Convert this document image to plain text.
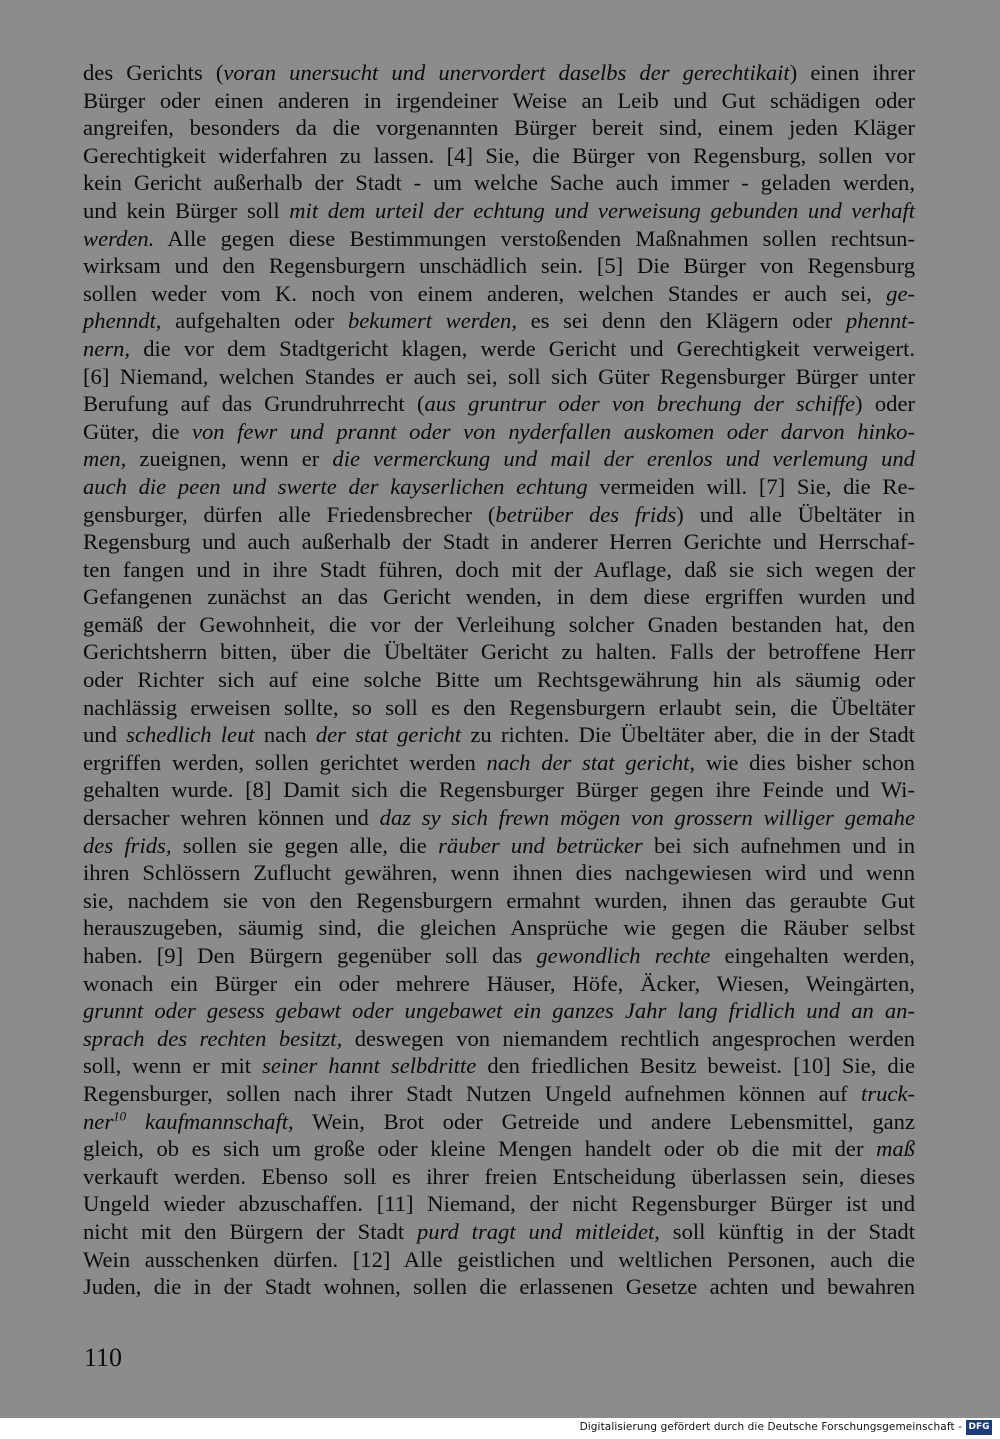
des Gerichts (voran unersucht und unervordert daselbs der gerechtikait) einen ihrer
Bürger oder einen anderen in irgendeiner Weise an Leib und Gut schädigen oder
angreifen, besonders da die vorgenannten Bürger bereit sind, einem jeden Kläger
Gerechtigkeit widerfahren zu lassen. [4] Sie, die Bürger von Regensburg, sollen vor
kein Gericht außerhalb der Stadt - um welche Sache auch immer - geladen werden,
und kein Bürger soll mit dem urteil der echtung und verweisung gebunden und verhaft
werden. Alle gegen diese Bestimmungen verstoßenden Maßnahmen sollen rechtsun-
wirksam und den Regensburgern unschädlich sein. [5] Die Bürger von Regensburg
sollen weder vom K. noch von einem anderen, welchen Standes er auch sei, ge-
phenndt, aufgehalten oder bekumert werden, es sei denn den Klägern oder phennt-
nern, die vor dem Stadtgericht klagen, werde Gericht und Gerechtigkeit verweigert.
[6] Niemand, welchen Standes er auch sei, soll sich Güter Regensburger Bürger unter
Berufung auf das Grundruhrrecht (aus gruntrur oder von brechung der schiffe) oder
Güter, die von fewr und prannt oder von nyderfallen auskomen oder darvon hinko-
men, zueignen, wenn er die vermerckung und mail der erenlos und verlemung und
auch die peen und swerte der kayserlichen echtung vermeiden will. [7] Sie, die Re-
gensburger, dürfen alle Friedensbrecher (betrüber des frids) und alle Übeltäter in
Regensburg und auch außerhalb der Stadt in anderer Herren Gerichte und Herrschaf-
ten fangen und in ihre Stadt führen, doch mit der Auflage, daß sie sich wegen der
Gefangenen zunächst an das Gericht wenden, in dem diese ergriffen wurden und
gemäß der Gewohnheit, die vor der Verleihung solcher Gnaden bestanden hat, den
Gerichtsherrn bitten, über die Übeltäter Gericht zu halten. Falls der betroffene Herr
oder Richter sich auf eine solche Bitte um Rechtsgewährung hin als säumig oder
nachlässig erweisen sollte, so soll es den Regensburgern erlaubt sein, die Übeltäter
und schedlich leut nach der stat gericht zu richten. Die Übeltäter aber, die in der Stadt
ergriffen werden, sollen gerichtet werden nach der stat gericht, wie dies bisher schon
gehalten wurde. [8] Damit sich die Regensburger Bürger gegen ihre Feinde und Wi-
dersacher wehren können und daz sy sich frewn mögen von grossern williger gemahe
des frids, sollen sie gegen alle, die räuber und betrücker bei sich aufnehmen und in
ihren Schlössern Zuflucht gewähren, wenn ihnen dies nachgewiesen wird und wenn
sie, nachdem sie von den Regensburgern ermahnt wurden, ihnen das geraubte Gut
herauszugeben, säumig sind, die gleichen Ansprüche wie gegen die Räuber selbst
haben. [9] Den Bürgern gegenüber soll das gewondlich rechte eingehalten werden,
wonach ein Bürger ein oder mehrere Häuser, Höfe, Äcker, Wiesen, Weingärten,
grunnt oder gesess gebawt oder ungebawet ein ganzes Jahr lang fridlich und an an-
sprach des rechten besitzt, deswegen von niemandem rechtlich angesprochen werden
soll, wenn er mit seiner hannt selbdritte den friedlichen Besitz beweist. [10] Sie, die
Regensburger, sollen nach ihrer Stadt Nutzen Ungeld aufnehmen können auf truck-
ner$^{10}$ kaufmannschaft, Wein, Brot oder Getreide und andere Lebensmittel, ganz
gleich, ob es sich um große oder kleine Mengen handelt oder ob die mit der maß
verkauft werden. Ebenso soll es ihrer freien Entscheidung überlassen sein, dieses
Ungeld wieder abzuschaffen. [11] Niemand, der nicht Regensburger Bürger ist und
nicht mit den Bürgern der Stadt purd tragt und mitleidet, soll künftig in der Stadt
Wein ausschenken dürfen. [12] Alle geistlichen und weltlichen Personen, auch die
Juden, die in der Stadt wohnen, sollen die erlassenen Gesetze achten und bewahren
110
Digitalisierung gefördert durch die Deutsche Forschungsgemeinschaft - DFG
